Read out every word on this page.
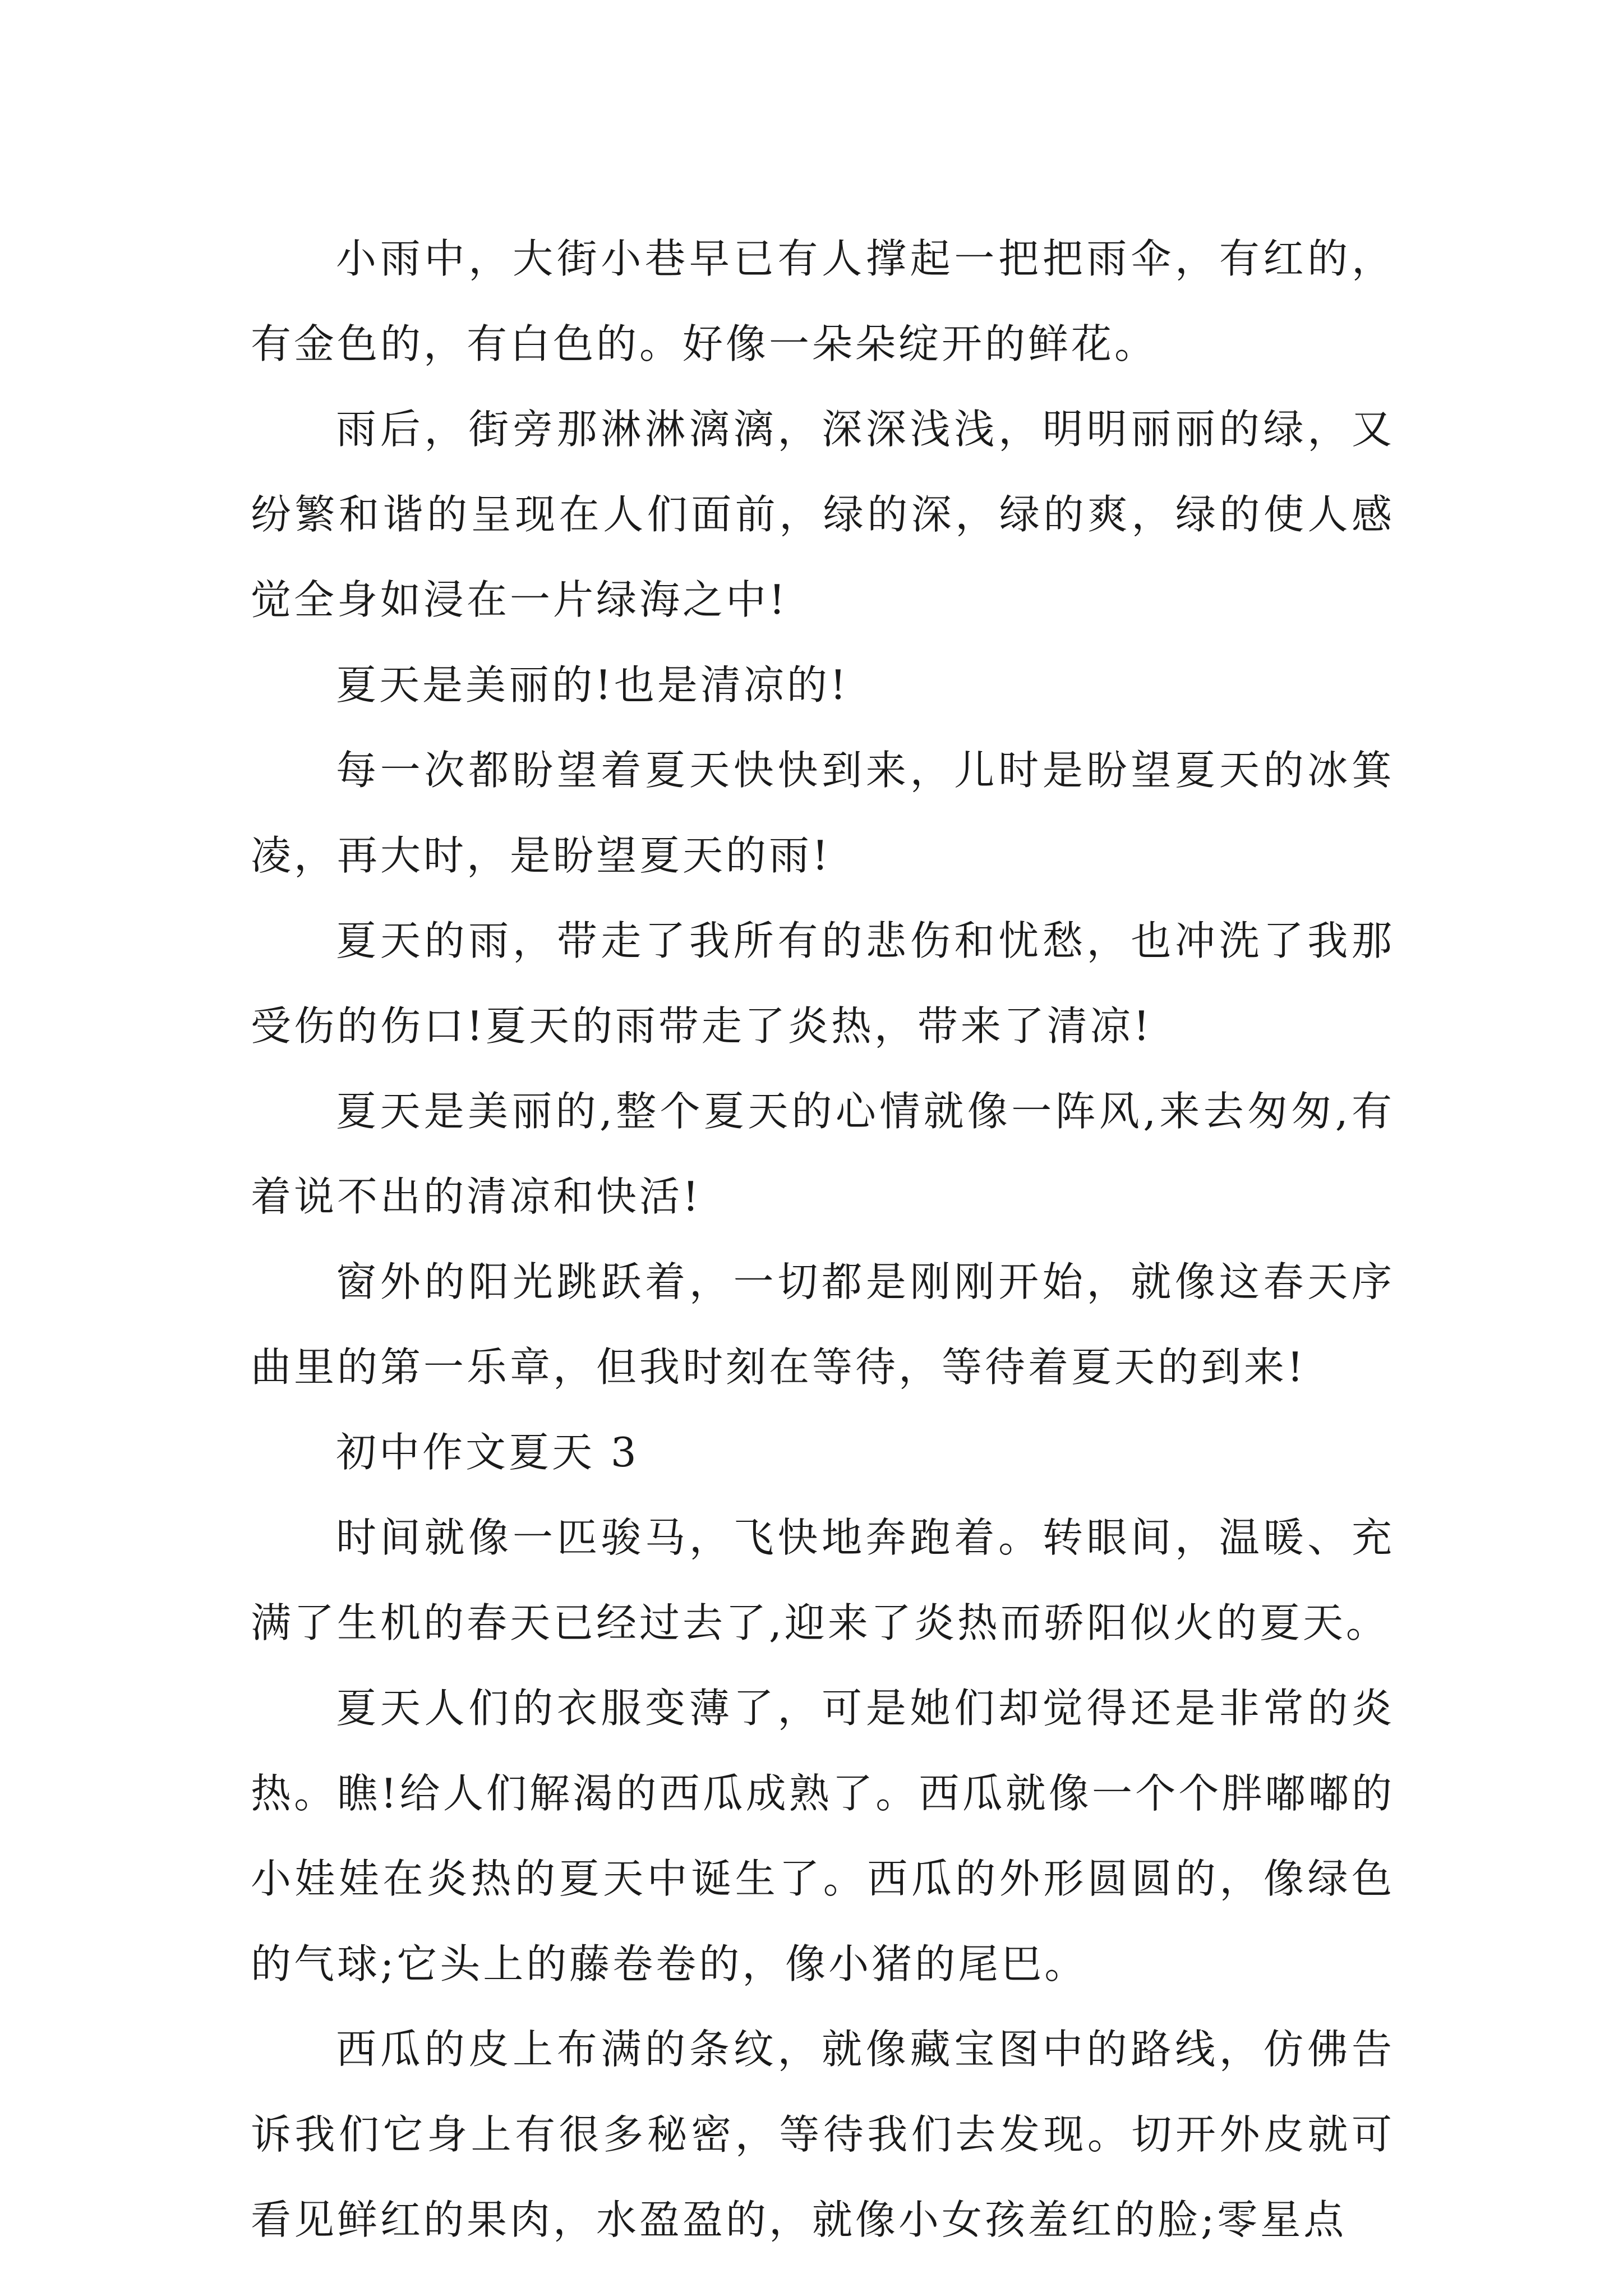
小雨中，大街小巷早已有人撑起一把把雨伞，有红的，有金色的，有白色的。好像一朵朵绽开的鲜花。

雨后，街旁那淋淋漓漓，深深浅浅，明明丽丽的绿，又纷繁和谐的呈现在人们面前，绿的深，绿的爽，绿的使人感觉全身如浸在一片绿海之中!

夏天是美丽的!也是清凉的!

每一次都盼望着夏天快快到来，儿时是盼望夏天的冰箕凌，再大时，是盼望夏天的雨!

夏天的雨，带走了我所有的悲伤和忧愁，也冲洗了我那受伤的伤口!夏天的雨带走了炎热，带来了清凉!

夏天是美丽的,整个夏天的心情就像一阵风,来去匆匆,有着说不出的清凉和快活!

窗外的阳光跳跃着，一切都是刚刚开始，就像这春天序曲里的第一乐章，但我时刻在等待，等待着夏天的到来!

初中作文夏天 3

时间就像一匹骏马，飞快地奔跑着。转眼间，温暖、充满了生机的春天已经过去了,迎来了炎热而骄阳似火的夏天。

夏天人们的衣服变薄了，可是她们却觉得还是非常的炎热。瞧!给人们解渴的西瓜成熟了。西瓜就像一个个胖嘟嘟的小娃娃在炎热的夏天中诞生了。西瓜的外形圆圆的，像绿色的气球;它头上的藤卷卷的，像小猪的尾巴。

西瓜的皮上布满的条纹，就像藏宝图中的路线，仿佛告诉我们它身上有很多秘密，等待我们去发现。切开外皮就可看见鲜红的果肉，水盈盈的，就像小女孩羞红的脸;零星点
